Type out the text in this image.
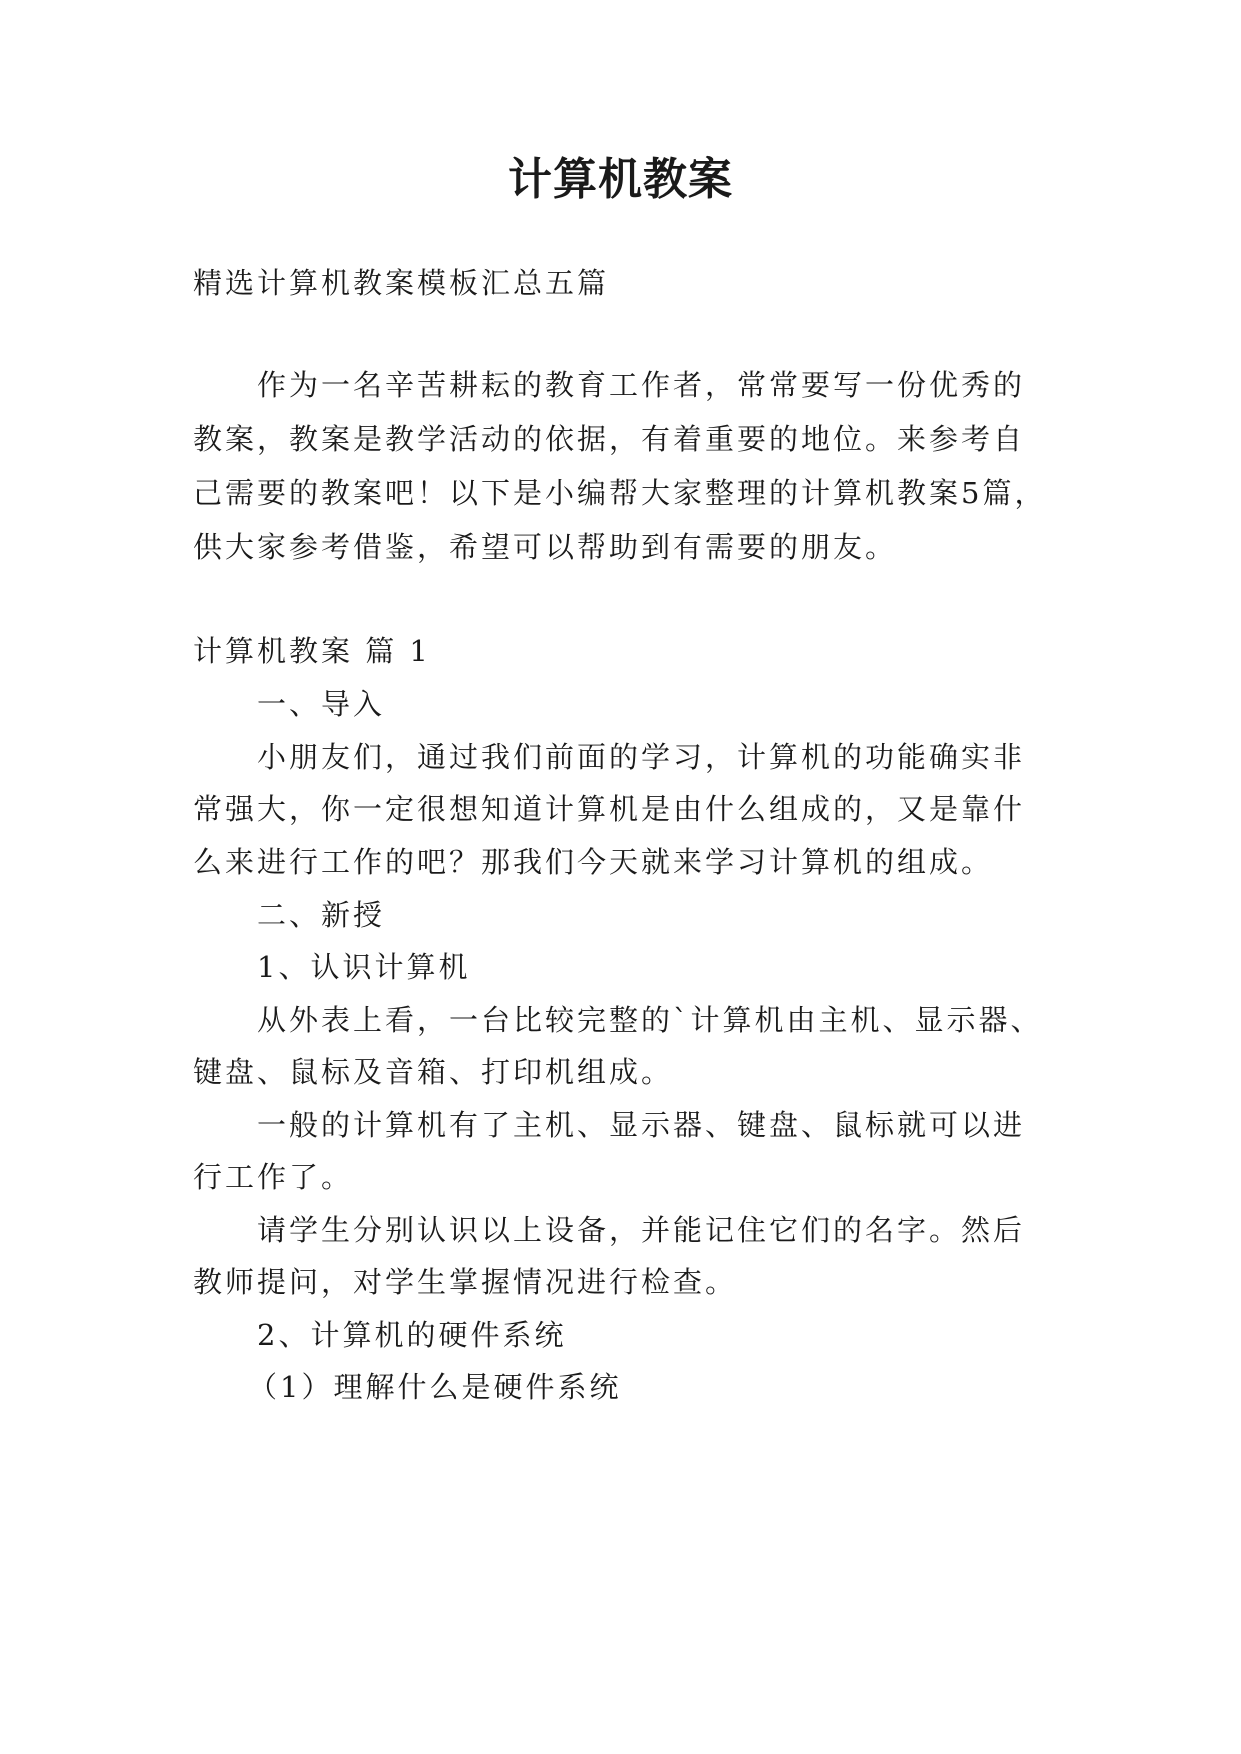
计算机教案
精选计算机教案模板汇总五篇
作为一名辛苦耕耘的教育工作者，常常要写一份优秀的
教案，教案是教学活动的依据，有着重要的地位。来参考自
己需要的教案吧！以下是小编帮大家整理的计算机教案5篇，
供大家参考借鉴，希望可以帮助到有需要的朋友。
计算机教案 篇 1
一、导入
小朋友们，通过我们前面的学习，计算机的功能确实非
常强大，你一定很想知道计算机是由什么组成的，又是靠什
么来进行工作的吧？那我们今天就来学习计算机的组成。
二、新授
1、认识计算机
从外表上看，一台比较完整的`计算机由主机、显示器、
键盘、鼠标及音箱、打印机组成。
一般的计算机有了主机、显示器、键盘、鼠标就可以进
行工作了。
请学生分别认识以上设备，并能记住它们的名字。然后
教师提问，对学生掌握情况进行检查。
2、计算机的硬件系统
（1）理解什么是硬件系统
